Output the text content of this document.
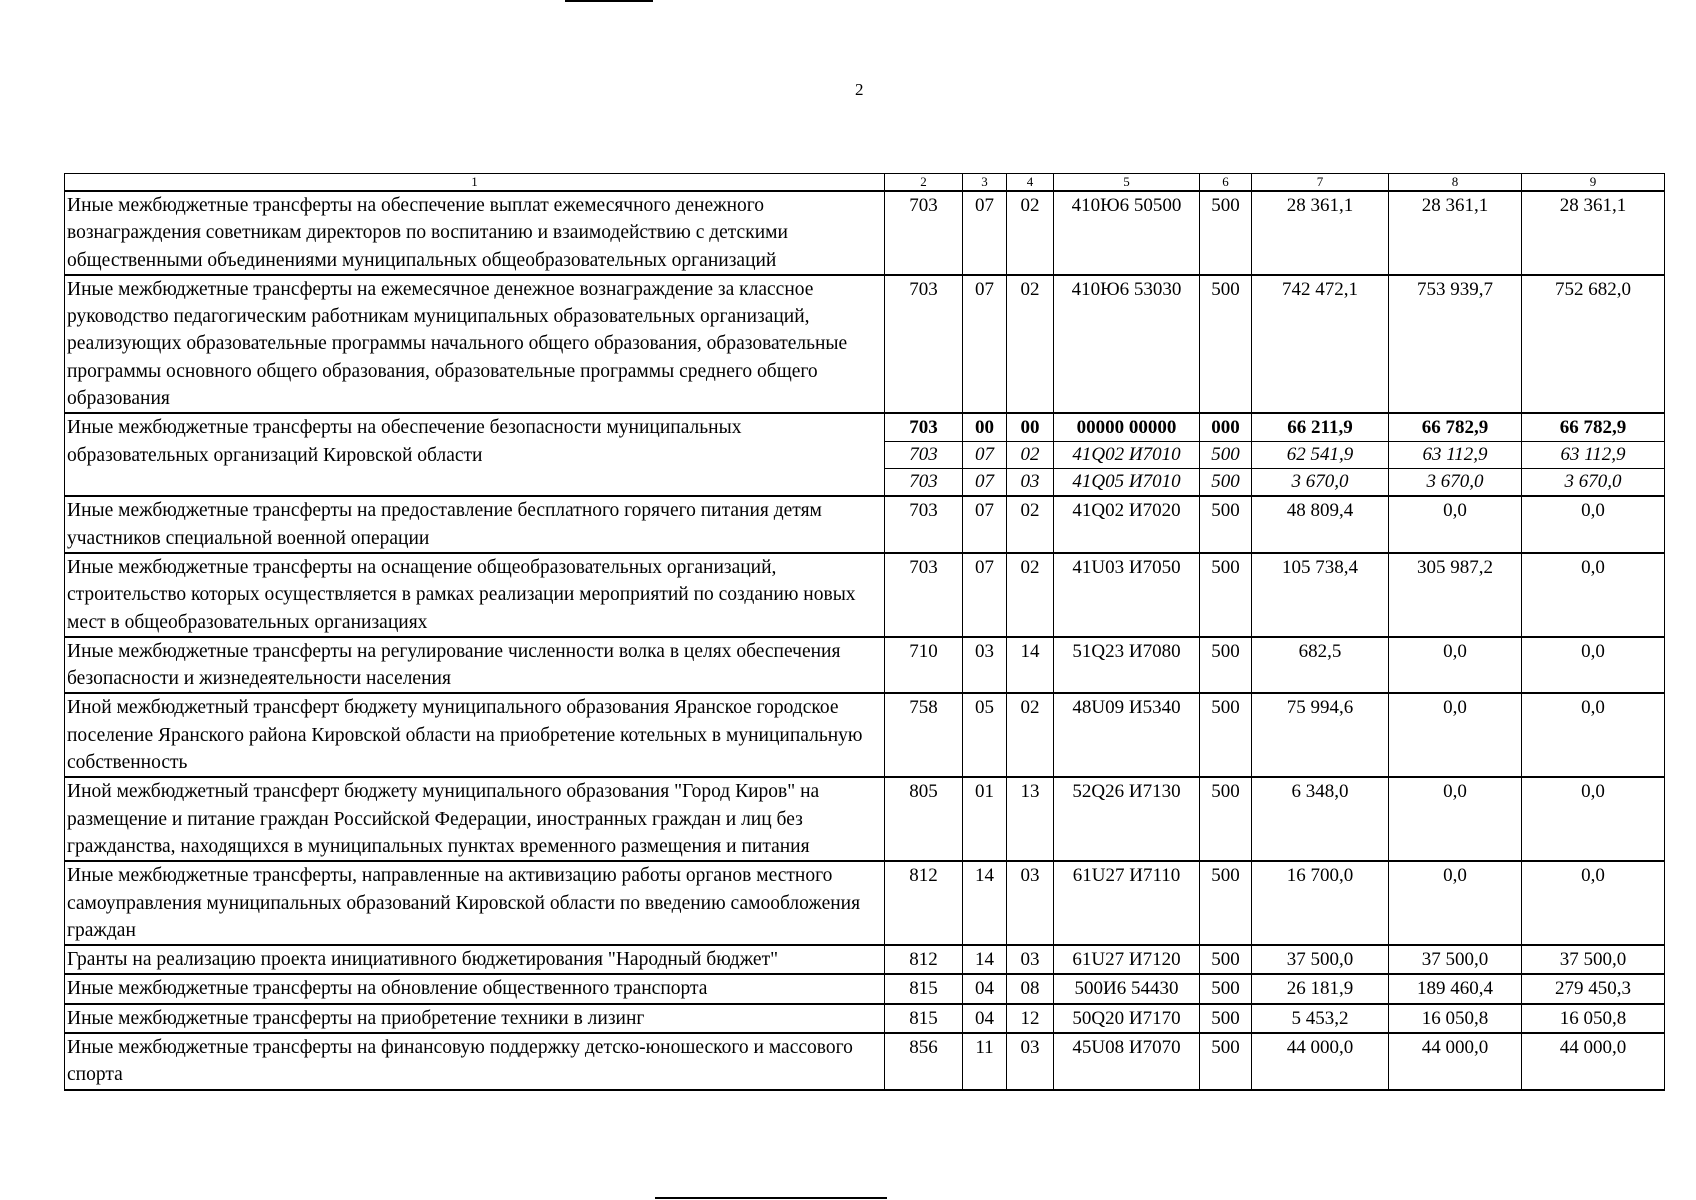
2
1	2	3	4	5	6	7	8	9
Иные межбюджетные трансферты на обеспечение выплат ежемесячного денежного вознаграждения советникам директоров по воспитанию и взаимодействию с детскими общественными объединениями муниципальных общеобразовательных организаций	703	07	02	410Ю6 50500	500	28 361,1	28 361,1	28 361,1
Иные межбюджетные трансферты на ежемесячное денежное вознаграждение за классное руководство педагогическим работникам муниципальных образовательных организаций, реализующих образовательные программы начального общего образования, образовательные программы основного общего образования, образовательные программы среднего общего образования	703	07	02	410Ю6 53030	500	742 472,1	753 939,7	752 682,0
Иные межбюджетные трансферты на обеспечение безопасности муниципальных образовательных организаций Кировской области	703	00	00	00000 00000	000	66 211,9	66 782,9	66 782,9
	703	07	02	41Q02 И7010	500	62 541,9	63 112,9	63 112,9
	703	07	03	41Q05 И7010	500	3 670,0	3 670,0	3 670,0
Иные межбюджетные трансферты на предоставление бесплатного горячего питания детям участников специальной военной операции	703	07	02	41Q02 И7020	500	48 809,4	0,0	0,0
Иные межбюджетные трансферты на оснащение общеобразовательных организаций, строительство которых осуществляется в рамках реализации мероприятий по созданию новых мест в общеобразовательных организациях	703	07	02	41U03 И7050	500	105 738,4	305 987,2	0,0
Иные межбюджетные трансферты на регулирование численности волка в целях обеспечения безопасности и жизнедеятельности населения	710	03	14	51Q23 И7080	500	682,5	0,0	0,0
Иной межбюджетный трансферт бюджету муниципального образования Яранское городское поселение Яранского района Кировской области на приобретение котельных в муниципальную собственность	758	05	02	48U09 И5340	500	75 994,6	0,0	0,0
Иной межбюджетный трансферт бюджету муниципального образования "Город Киров" на размещение и питание граждан Российской Федерации, иностранных граждан и лиц без гражданства, находящихся в муниципальных пунктах временного размещения и питания	805	01	13	52Q26 И7130	500	6 348,0	0,0	0,0
Иные межбюджетные трансферты, направленные на активизацию работы органов местного самоуправления муниципальных образований Кировской области по введению самообложения граждан	812	14	03	61U27 И7110	500	16 700,0	0,0	0,0
Гранты на реализацию проекта инициативного бюджетирования "Народный бюджет"	812	14	03	61U27 И7120	500	37 500,0	37 500,0	37 500,0
Иные межбюджетные трансферты на обновление общественного транспорта	815	04	08	500И6 54430	500	26 181,9	189 460,4	279 450,3
Иные межбюджетные трансферты на приобретение техники в лизинг	815	04	12	50Q20 И7170	500	5 453,2	16 050,8	16 050,8
Иные межбюджетные трансферты на финансовую поддержку детско-юношеского и массового спорта	856	11	03	45U08 И7070	500	44 000,0	44 000,0	44 000,0
